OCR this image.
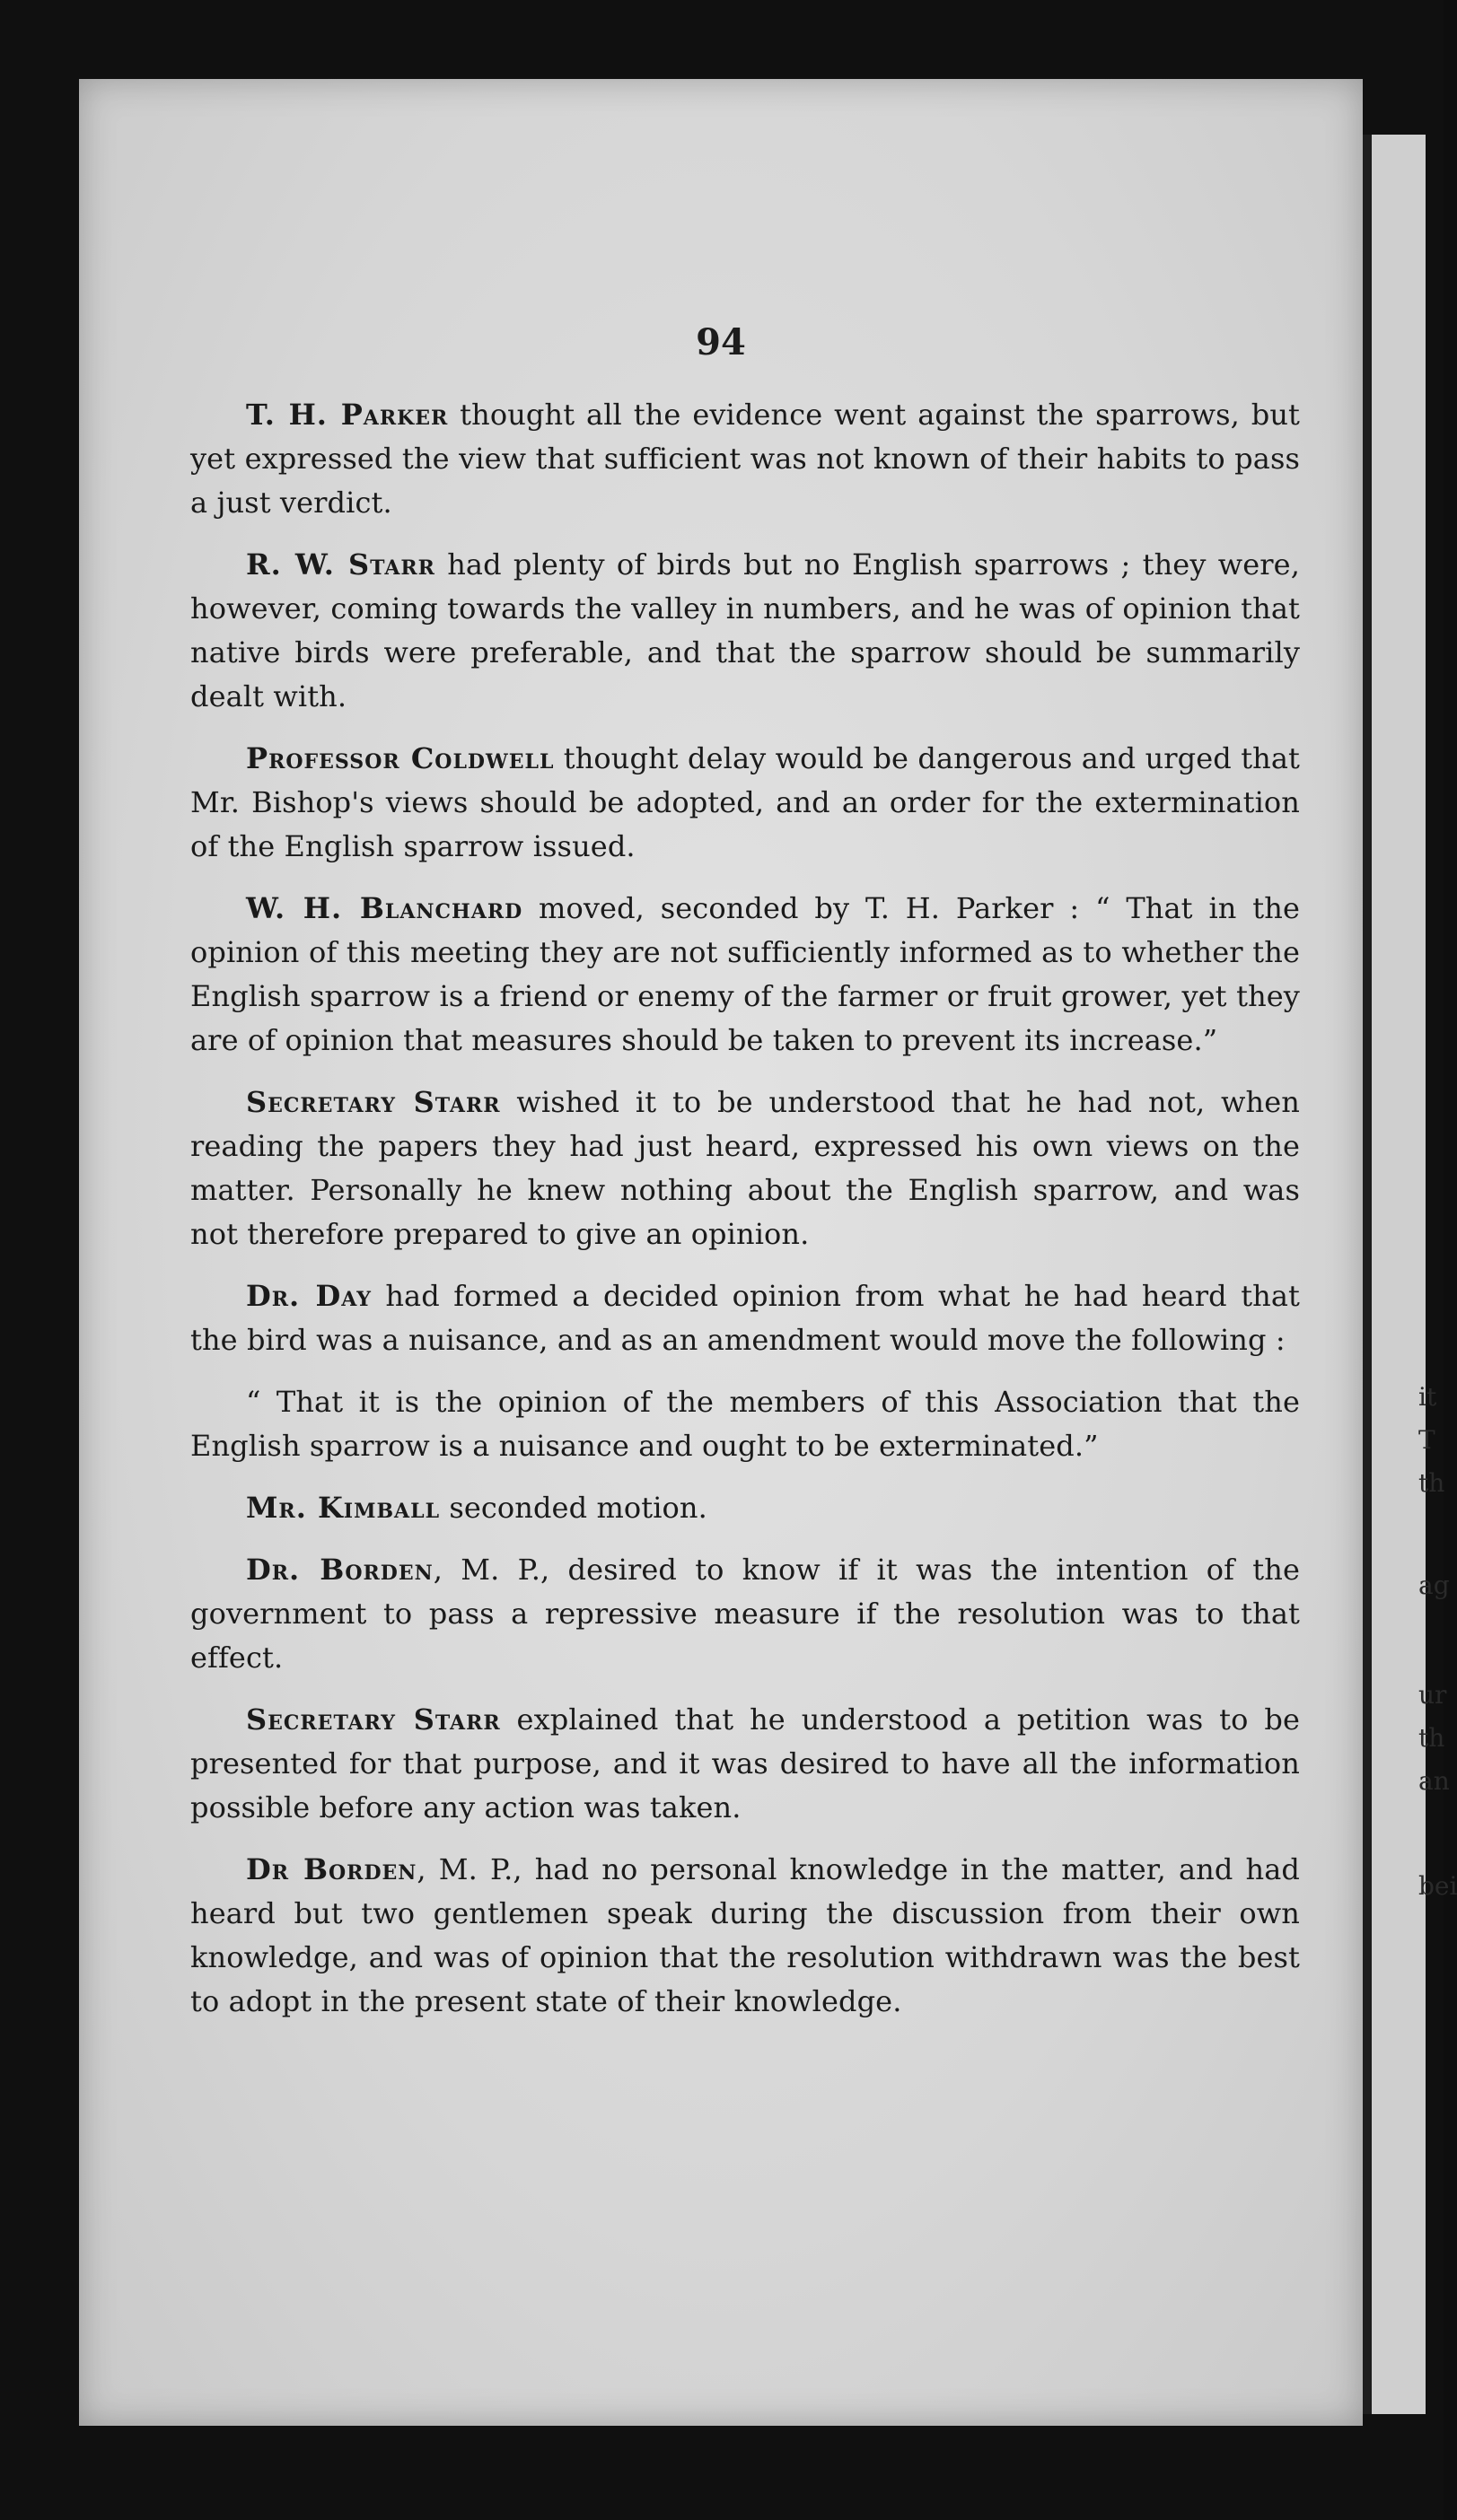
94

T. H. Parker thought all the evidence went against the sparrows, but yet expressed the view that sufficient was not known of their habits to pass a just verdict.

R. W. Starr had plenty of birds but no English sparrows ; they were, however, coming towards the valley in numbers, and he was of opinion that native birds were preferable, and that the sparrow should be summarily dealt with.

Professor Coldwell thought delay would be dangerous and urged that Mr. Bishop's views should be adopted, and an order for the extermination of the English sparrow issued.

W. H. Blanchard moved, seconded by T. H. Parker : “ That in the opinion of this meeting they are not sufficiently informed as to whether the English sparrow is a friend or enemy of the farmer or fruit grower, yet they are of opinion that measures should be taken to prevent its increase.”

Secretary Starr wished it to be understood that he had not, when reading the papers they had just heard, expressed his own views on the matter. Personally he knew nothing about the English sparrow, and was not therefore prepared to give an opinion.

Dr. Day had formed a decided opinion from what he had heard that the bird was a nuisance, and as an amendment would move the following :

“ That it is the opinion of the members of this Association that the English sparrow is a nuisance and ought to be exterminated.”

Mr. Kimball seconded motion.

Dr. Borden, M. P., desired to know if it was the intention of the government to pass a repressive measure if the resolution was to that effect.

Secretary Starr explained that he understood a petition was to be presented for that purpose, and it was desired to have all the information possible before any action was taken.

Dr Borden, M. P., had no personal knowledge in the matter, and had heard but two gentlemen speak during the discussion from their own knowledge, and was of opinion that the resolution withdrawn was the best to adopt in the present state of their knowledge.

it
T
th
ag
ur
th
an
bei
